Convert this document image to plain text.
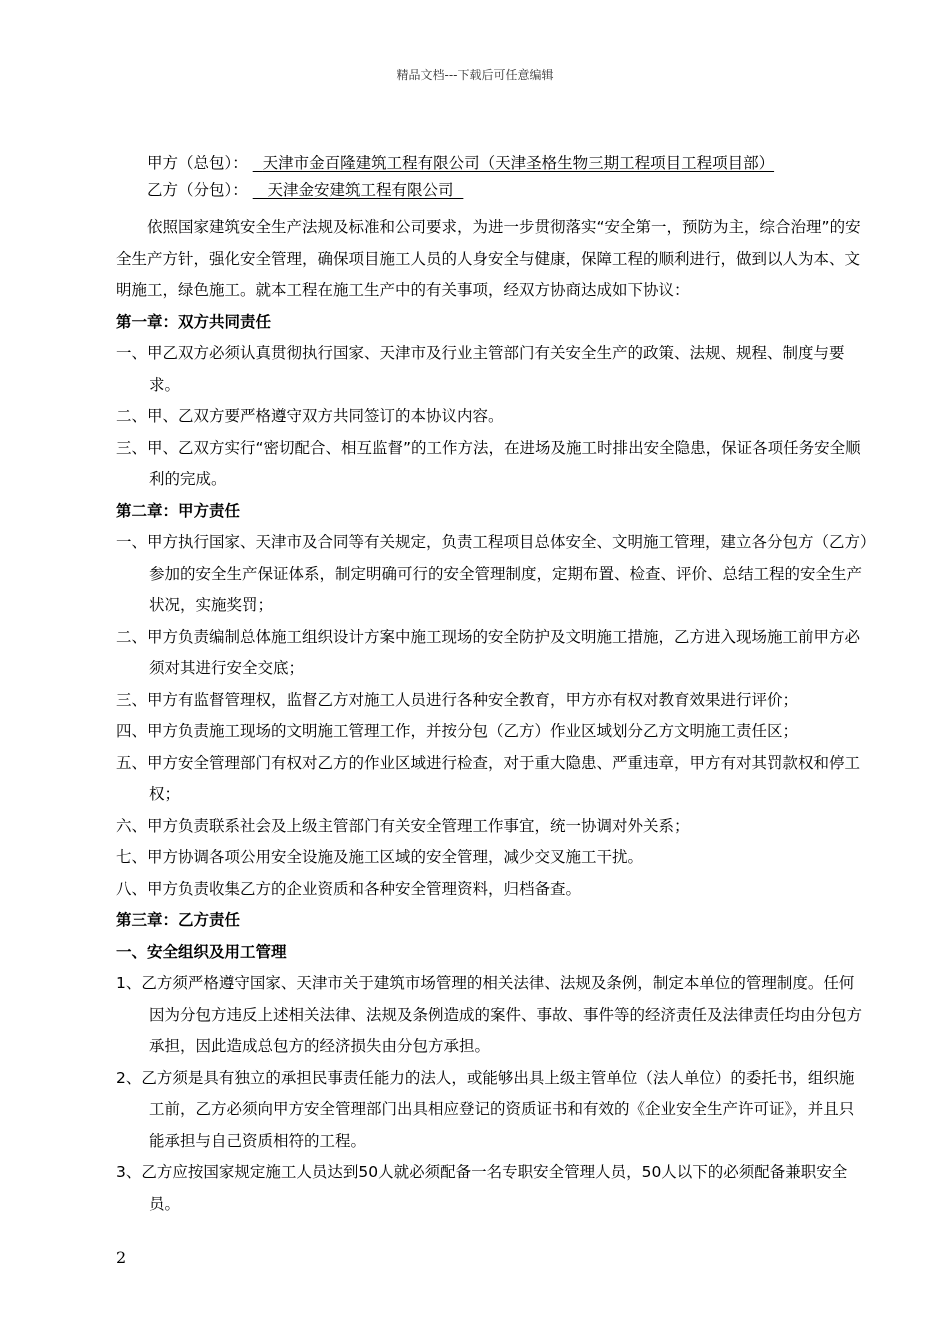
精品文档---下载后可任意编辑
甲方（总包）： 天津市金百隆建筑工程有限公司（天津圣格生物三期工程项目工程项目部）
乙方（分包）： 天津金安建筑工程有限公司

依照国家建筑安全生产法规及标准和公司要求，为进一步贯彻落实“安全第一，预防为主，综合治理”的安全生产方针，强化安全管理，确保项目施工人员的人身安全与健康，保障工程的顺利进行，做到以人为本、文明施工，绿色施工。就本工程在施工生产中的有关事项，经双方协商达成如下协议：

第一章：双方共同责任

一、甲乙双方必须认真贯彻执行国家、天津市及行业主管部门有关安全生产的政策、法规、规程、制度与要求。

二、甲、乙双方要严格遵守双方共同签订的本协议内容。

三、甲、乙双方实行“密切配合、相互监督”的工作方法，在进场及施工时排出安全隐患，保证各项任务安全顺利的完成。

第二章：甲方责任

一、甲方执行国家、天津市及合同等有关规定，负责工程项目总体安全、文明施工管理，建立各分包方（乙方）参加的安全生产保证体系，制定明确可行的安全管理制度，定期布置、检查、评价、总结工程的安全生产状况，实施奖罚；

二、甲方负责编制总体施工组织设计方案中施工现场的安全防护及文明施工措施，乙方进入现场施工前甲方必须对其进行安全交底；

三、甲方有监督管理权，监督乙方对施工人员进行各种安全教育，甲方亦有权对教育效果进行评价；

四、甲方负责施工现场的文明施工管理工作，并按分包（乙方）作业区域划分乙方文明施工责任区；

五、甲方安全管理部门有权对乙方的作业区域进行检查，对于重大隐患、严重违章，甲方有对其罚款权和停工权；

六、甲方负责联系社会及上级主管部门有关安全管理工作事宜，统一协调对外关系；

七、甲方协调各项公用安全设施及施工区域的安全管理，减少交叉施工干扰。

八、甲方负责收集乙方的企业资质和各种安全管理资料，归档备查。

第三章：乙方责任

一、安全组织及用工管理

1、乙方须严格遵守国家、天津市关于建筑市场管理的相关法律、法规及条例，制定本单位的管理制度。任何因为分包方违反上述相关法律、法规及条例造成的案件、事故、事件等的经济责任及法律责任均由分包方承担，因此造成总包方的经济损失由分包方承担。

2、乙方须是具有独立的承担民事责任能力的法人，或能够出具上级主管单位（法人单位）的委托书，组织施工前，乙方必须向甲方安全管理部门出具相应登记的资质证书和有效的《企业安全生产许可证》，并且只能承担与自己资质相符的工程。

3、乙方应按国家规定施工人员达到50人就必须配备一名专职安全管理人员，50人以下的必须配备兼职安全员。

2
